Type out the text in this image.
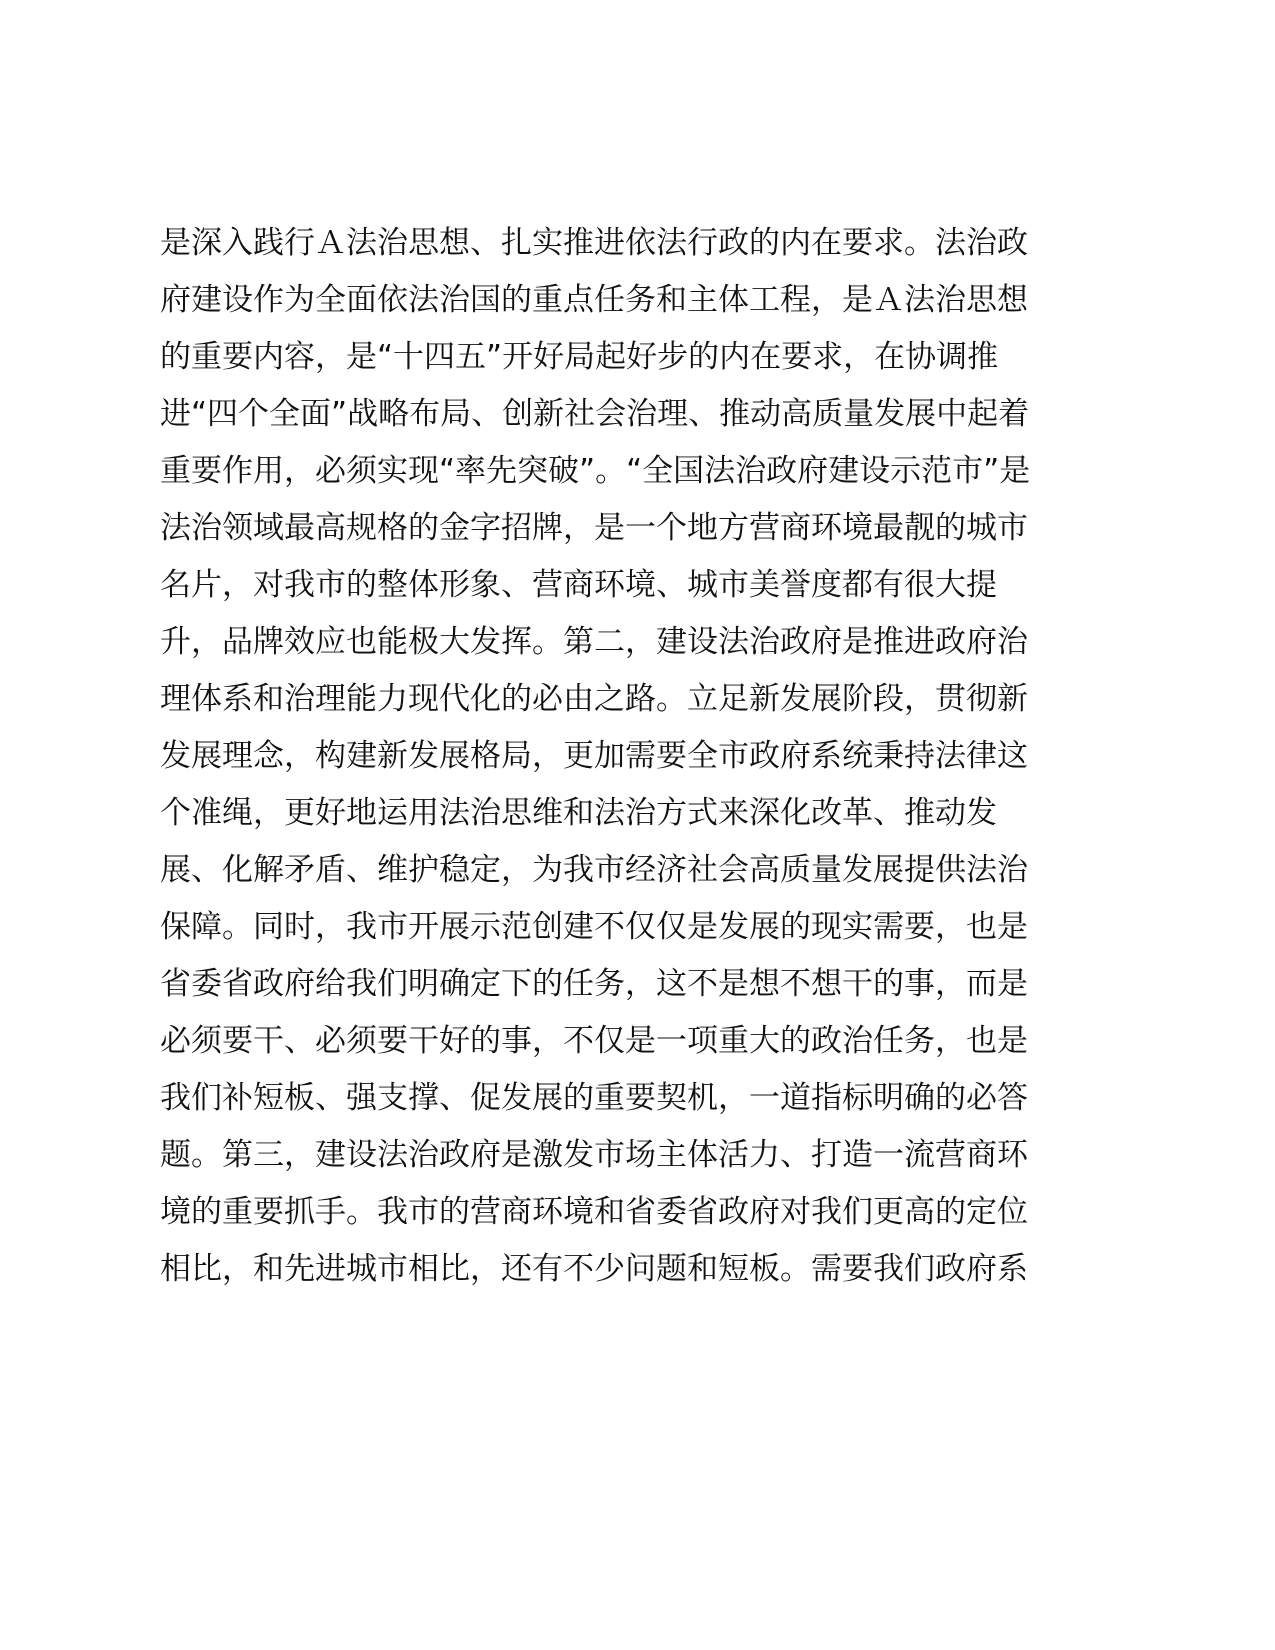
是深入践行Ａ法治思想、扎实推进依法行政的内在要求。法治政
府建设作为全面依法治国的重点任务和主体工程，是Ａ法治思想
的重要内容，是“十四五”开好局起好步的内在要求，在协调推
进“四个全面”战略布局、创新社会治理、推动高质量发展中起着
重要作用，必须实现“率先突破”。“全国法治政府建设示范市”是
法治领域最高规格的金字招牌，是一个地方营商环境最靓的城市
名片，对我市的整体形象、营商环境、城市美誉度都有很大提
升，品牌效应也能极大发挥。第二，建设法治政府是推进政府治
理体系和治理能力现代化的必由之路。立足新发展阶段，贯彻新
发展理念，构建新发展格局，更加需要全市政府系统秉持法律这
个准绳，更好地运用法治思维和法治方式来深化改革、推动发
展、化解矛盾、维护稳定，为我市经济社会高质量发展提供法治
保障。同时，我市开展示范创建不仅仅是发展的现实需要，也是
省委省政府给我们明确定下的任务，这不是想不想干的事，而是
必须要干、必须要干好的事，不仅是一项重大的政治任务，也是
我们补短板、强支撑、促发展的重要契机，一道指标明确的必答
题。第三，建设法治政府是激发市场主体活力、打造一流营商环
境的重要抓手。我市的营商环境和省委省政府对我们更高的定位
相比，和先进城市相比，还有不少问题和短板。需要我们政府系
